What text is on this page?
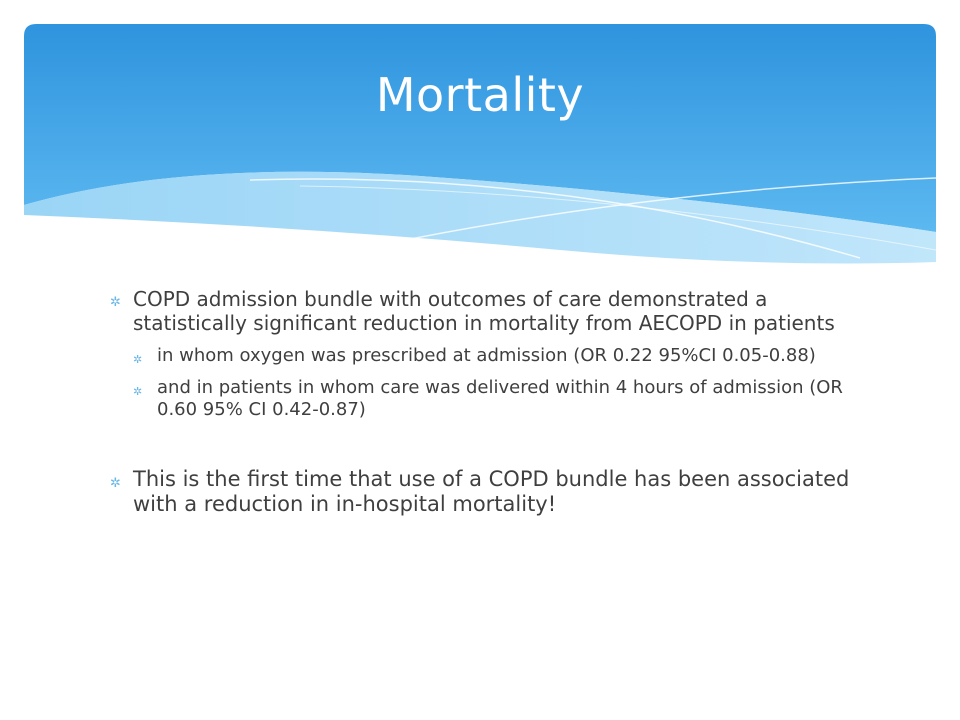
Mortality
✲ COPD admission bundle with outcomes of care demonstrated a statistically significant reduction in mortality from AECOPD in patients
✲ in whom oxygen was prescribed at admission (OR 0.22 95%CI 0.05-0.88)
✲ and in patients in whom care was delivered within 4 hours of admission (OR 0.60 95% CI 0.42-0.87)
✲ This is the first time that use of a COPD bundle has been associated with a reduction in in-hospital mortality!
